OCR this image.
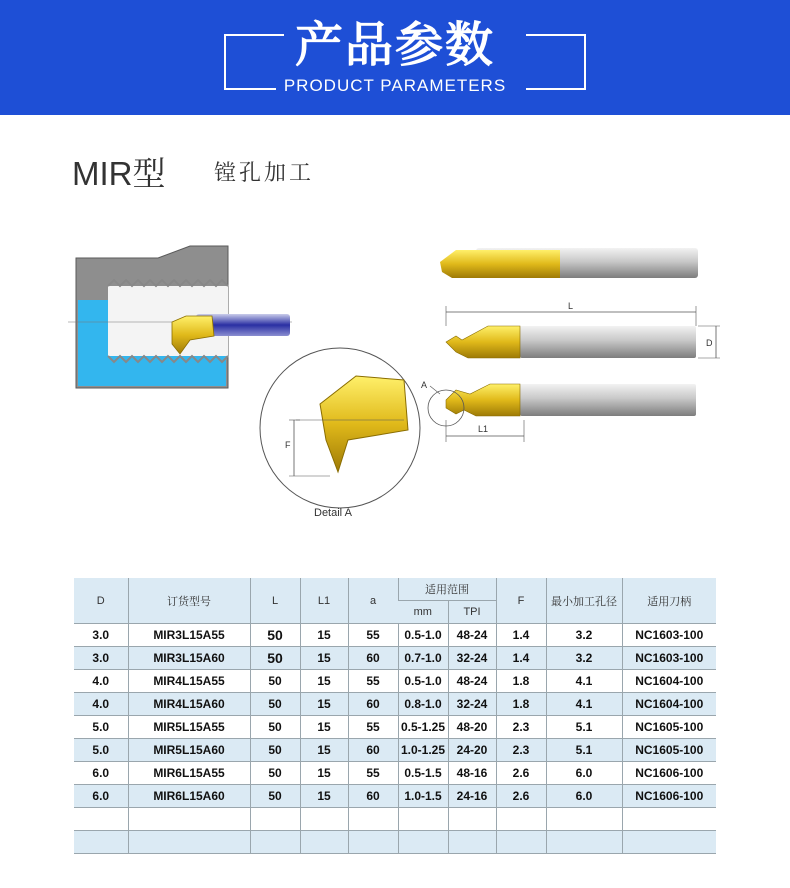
产品参数
PRODUCT PARAMETERS
MIR型 镗孔加工
F
Detail A
L
D
A
L1
D	订货型号	L	L1	a	适用范围		F	最小加工孔径	适用刀柄
					mm	TPI			
3.0	MIR3L15A55	50	15	55	0.5-1.0	48-24	1.4	3.2	NC1603-100
3.0	MIR3L15A60	50	15	60	0.7-1.0	32-24	1.4	3.2	NC1603-100
4.0	MIR4L15A55	50	15	55	0.5-1.0	48-24	1.8	4.1	NC1604-100
4.0	MIR4L15A60	50	15	60	0.8-1.0	32-24	1.8	4.1	NC1604-100
5.0	MIR5L15A55	50	15	55	0.5-1.25	48-20	2.3	5.1	NC1605-100
5.0	MIR5L15A60	50	15	60	1.0-1.25	24-20	2.3	5.1	NC1605-100
6.0	MIR6L15A55	50	15	55	0.5-1.5	48-16	2.6	6.0	NC1606-100
6.0	MIR6L15A60	50	15	60	1.0-1.5	24-16	2.6	6.0	NC1606-100
